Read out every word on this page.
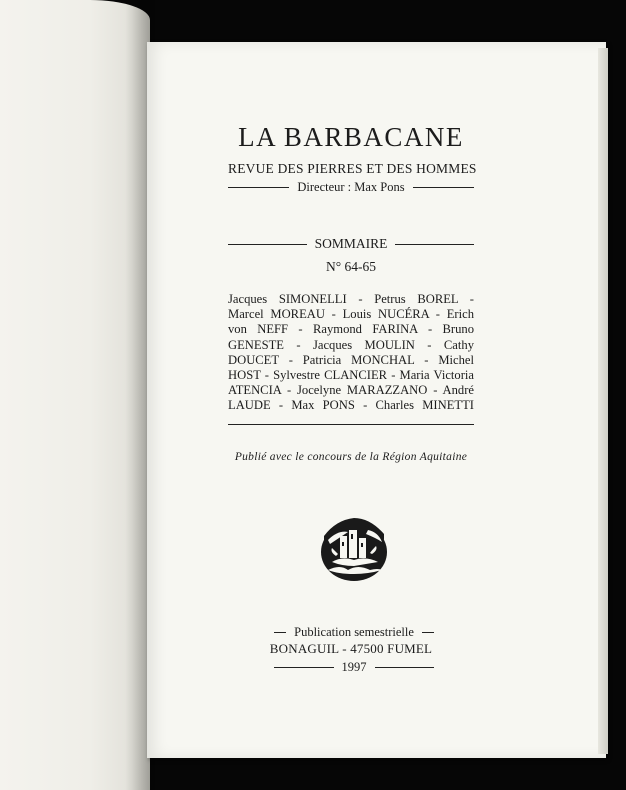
LA BARBACANE
REVUE DES PIERRES ET DES HOMMES
Directeur : Max Pons
SOMMAIRE
N° 64-65
Jacques SIMONELLI - Petrus BOREL -
Marcel MOREAU - Louis NUCÉRA - Erich
von NEFF - Raymond FARINA - Bruno
GENESTE - Jacques MOULIN - Cathy
DOUCET - Patricia MONCHAL - Michel
HOST - Sylvestre CLANCIER - Maria Victoria
ATENCIA - Jocelyne MARAZZANO - André
LAUDE - Max PONS - Charles MINETTI
Publié avec le concours de la Région Aquitaine
Publication semestrielle
BONAGUIL - 47500 FUMEL
1997
